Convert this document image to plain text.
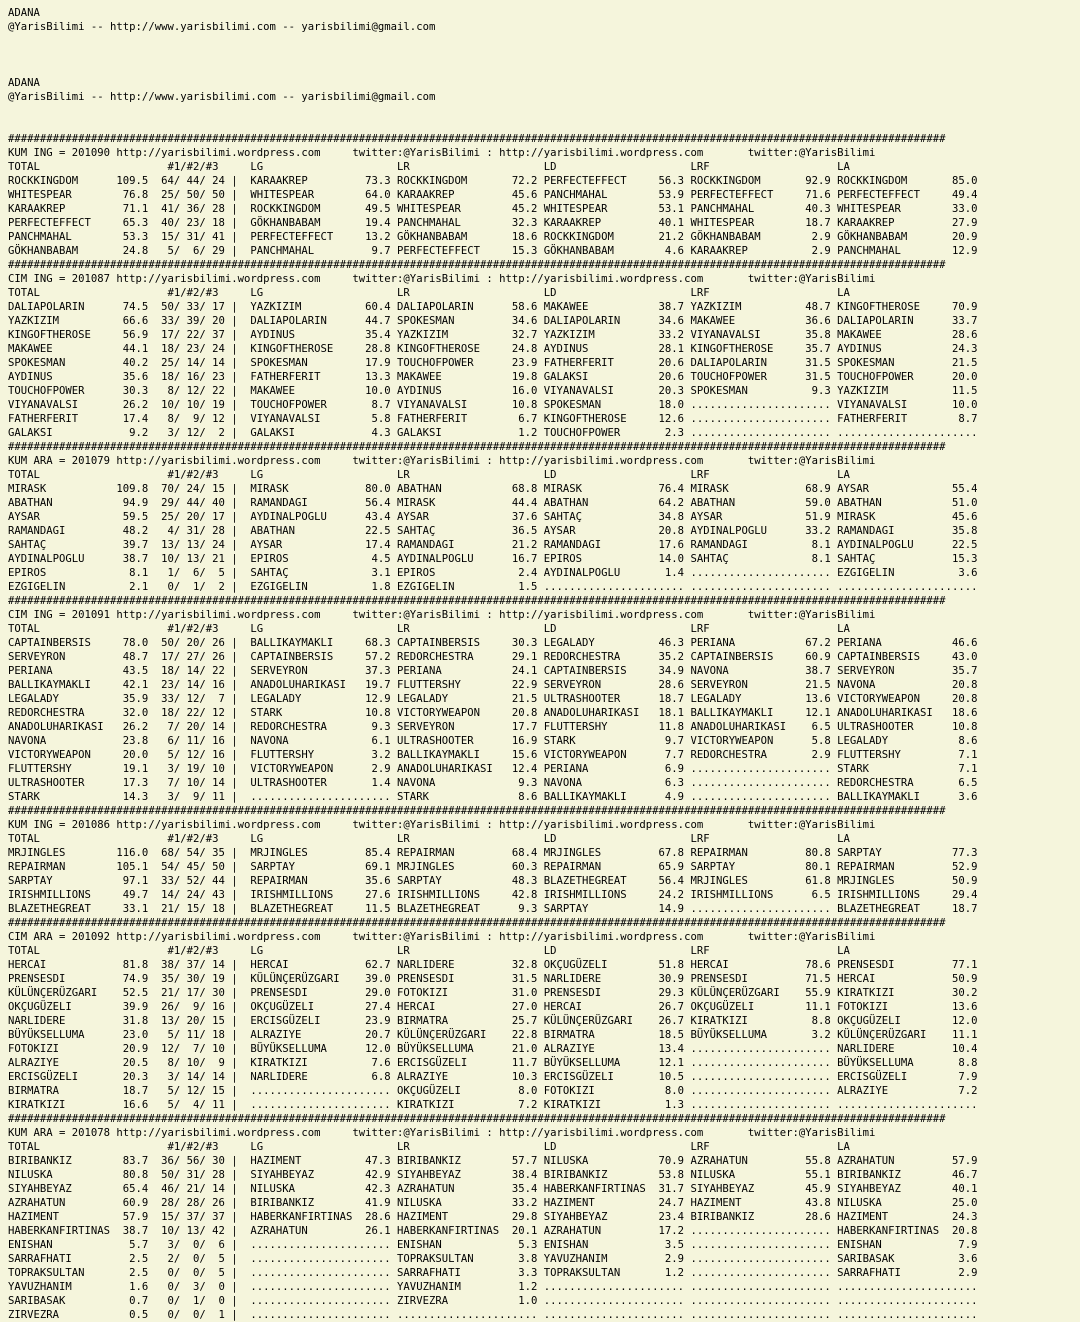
ADANA
@YarisBilimi -- http://www.yarisbilimi.com -- yarisbilimi@gmail.com
ADANA
@YarisBilimi -- http://www.yarisbilimi.com -- yarisbilimi@gmail.com
###################################################################################################################################################
KUM ING = 201090 http://yarisbilimi.wordpress.com     twitter:@YarisBilimi : http://yarisbilimi.wordpress.com       twitter:@YarisBilimi
TOTAL                    #1/#2/#3     LG                     LR                     LD                     LRF                    LA
ROCKKINGDOM      109.5  64/ 44/ 24 |  KARAAKREP         73.3 ROCKKINGDOM       72.2 PERFECTEFFECT     56.3 ROCKKINGDOM       92.9 ROCKKINGDOM       85.0
WHITESPEAR        76.8  25/ 50/ 50 |  WHITESPEAR        64.0 KARAAKREP         45.6 PANCHMAHAL        53.9 PERFECTEFFECT     71.6 PERFECTEFFECT     49.4
KARAAKREP         71.1  41/ 36/ 28 |  ROCKKINGDOM       49.5 WHITESPEAR        45.2 WHITESPEAR        53.1 PANCHMAHAL        40.3 WHITESPEAR        33.0
PERFECTEFFECT     65.3  40/ 23/ 18 |  GÖKHANBABAM       19.4 PANCHMAHAL        32.3 KARAAKREP         40.1 WHITESPEAR        18.7 KARAAKREP         27.9
PANCHMAHAL        53.3  15/ 31/ 41 |  PERFECTEFFECT     13.2 GÖKHANBABAM       18.6 ROCKKINGDOM       21.2 GÖKHANBABAM        2.9 GÖKHANBABAM       20.9
GÖKHANBABAM       24.8   5/  6/ 29 |  PANCHMAHAL         9.7 PERFECTEFFECT     15.3 GÖKHANBABAM        4.6 KARAAKREP          2.9 PANCHMAHAL        12.9
###################################################################################################################################################
CIM ING = 201087 http://yarisbilimi.wordpress.com     twitter:@YarisBilimi : http://yarisbilimi.wordpress.com       twitter:@YarisBilimi
TOTAL                    #1/#2/#3     LG                     LR                     LD                     LRF                    LA
DALIAPOLARIN      74.5  50/ 33/ 17 |  YAZKIZIM          60.4 DALIAPOLARIN      58.6 MAKAWEE           38.7 YAZKIZIM          48.7 KINGOFTHEROSE     70.9
YAZKIZIM          66.6  33/ 39/ 20 |  DALIAPOLARIN      44.7 SPOKESMAN         34.6 DALIAPOLARIN      34.6 MAKAWEE           36.6 DALIAPOLARIN      33.7
KINGOFTHEROSE     56.9  17/ 22/ 37 |  AYDINUS           35.4 YAZKIZIM          32.7 YAZKIZIM          33.2 VIYANAVALSI       35.8 MAKAWEE           28.6
MAKAWEE           44.1  18/ 23/ 24 |  KINGOFTHEROSE     28.8 KINGOFTHEROSE     24.8 AYDINUS           28.1 KINGOFTHEROSE     35.7 AYDINUS           24.3
SPOKESMAN         40.2  25/ 14/ 14 |  SPOKESMAN         17.9 TOUCHOFPOWER      23.9 FATHERFERIT       20.6 DALIAPOLARIN      31.5 SPOKESMAN         21.5
AYDINUS           35.6  18/ 16/ 23 |  FATHERFERIT       13.3 MAKAWEE           19.8 GALAKSI           20.6 TOUCHOFPOWER      31.5 TOUCHOFPOWER      20.0
TOUCHOFPOWER      30.3   8/ 12/ 22 |  MAKAWEE           10.0 AYDINUS           16.0 VIYANAVALSI       20.3 SPOKESMAN          9.3 YAZKIZIM          11.5
VIYANAVALSI       26.2  10/ 10/ 19 |  TOUCHOFPOWER       8.7 VIYANAVALSI       10.8 SPOKESMAN         18.0 ...................... VIYANAVALSI       10.0
FATHERFERIT       17.4   8/  9/ 12 |  VIYANAVALSI        5.8 FATHERFERIT        6.7 KINGOFTHEROSE     12.6 ...................... FATHERFERIT        8.7
GALAKSI            9.2   3/ 12/  2 |  GALAKSI            4.3 GALAKSI            1.2 TOUCHOFPOWER       2.3 ...................... ......................
###################################################################################################################################################
KUM ARA = 201079 http://yarisbilimi.wordpress.com     twitter:@YarisBilimi : http://yarisbilimi.wordpress.com       twitter:@YarisBilimi
TOTAL                    #1/#2/#3     LG                     LR                     LD                     LRF                    LA
MIRASK           109.8  70/ 24/ 15 |  MIRASK            80.0 ABATHAN           68.8 MIRASK            76.4 MIRASK            68.9 AYSAR             55.4
ABATHAN           94.9  29/ 44/ 40 |  RAMANDAGI         56.4 MIRASK            44.4 ABATHAN           64.2 ABATHAN           59.0 ABATHAN           51.0
AYSAR             59.5  25/ 20/ 17 |  AYDINALPOGLU      43.4 AYSAR             37.6 SAHTAÇ            34.8 AYSAR             51.9 MIRASK            45.6
RAMANDAGI         48.2   4/ 31/ 28 |  ABATHAN           22.5 SAHTAÇ            36.5 AYSAR             20.8 AYDINALPOGLU      33.2 RAMANDAGI         35.8
SAHTAÇ            39.7  13/ 13/ 24 |  AYSAR             17.4 RAMANDAGI         21.2 RAMANDAGI         17.6 RAMANDAGI          8.1 AYDINALPOGLU      22.5
AYDINALPOGLU      38.7  10/ 13/ 21 |  EPIROS             4.5 AYDINALPOGLU      16.7 EPIROS            14.0 SAHTAÇ             8.1 SAHTAÇ            15.3
EPIROS             8.1   1/  6/  5 |  SAHTAÇ             3.1 EPIROS             2.4 AYDINALPOGLU       1.4 ...................... EZGIGELIN          3.6
EZGIGELIN          2.1   0/  1/  2 |  EZGIGELIN          1.8 EZGIGELIN          1.5 ...................... ...................... ......................
###################################################################################################################################################
CIM ING = 201091 http://yarisbilimi.wordpress.com     twitter:@YarisBilimi : http://yarisbilimi.wordpress.com       twitter:@YarisBilimi
TOTAL                    #1/#2/#3     LG                     LR                     LD                     LRF                    LA
CAPTAINBERSIS     78.0  50/ 20/ 26 |  BALLIKAYMAKLI     68.3 CAPTAINBERSIS     30.3 LEGALADY          46.3 PERIANA           67.2 PERIANA           46.6
SERVEYRON         48.7  17/ 27/ 26 |  CAPTAINBERSIS     57.2 REDORCHESTRA      29.1 REDORCHESTRA      35.2 CAPTAINBERSIS     60.9 CAPTAINBERSIS     43.0
PERIANA           43.5  18/ 14/ 22 |  SERVEYRON         37.3 PERIANA           24.1 CAPTAINBERSIS     34.9 NAVONA            38.7 SERVEYRON         35.7
BALLIKAYMAKLI     42.1  23/ 14/ 16 |  ANADOLUHARIKASI   19.7 FLUTTERSHY        22.9 SERVEYRON         28.6 SERVEYRON         21.5 NAVONA            20.8
LEGALADY          35.9  33/ 12/  7 |  LEGALADY          12.9 LEGALADY          21.5 ULTRASHOOTER      18.7 LEGALADY          13.6 VICTORYWEAPON     20.8
REDORCHESTRA      32.0  18/ 22/ 12 |  STARK             10.8 VICTORYWEAPON     20.8 ANADOLUHARIKASI   18.1 BALLIKAYMAKLI     12.1 ANADOLUHARIKASI   18.6
ANADOLUHARIKASI   26.2   7/ 20/ 14 |  REDORCHESTRA       9.3 SERVEYRON         17.7 FLUTTERSHY        11.8 ANADOLUHARIKASI    6.5 ULTRASHOOTER      10.8
NAVONA            23.8   6/ 11/ 16 |  NAVONA             6.1 ULTRASHOOTER      16.9 STARK              9.7 VICTORYWEAPON      5.8 LEGALADY           8.6
VICTORYWEAPON     20.0   5/ 12/ 16 |  FLUTTERSHY         3.2 BALLIKAYMAKLI     15.6 VICTORYWEAPON      7.7 REDORCHESTRA       2.9 FLUTTERSHY         7.1
FLUTTERSHY        19.1   3/ 19/ 10 |  VICTORYWEAPON      2.9 ANADOLUHARIKASI   12.4 PERIANA            6.9 ...................... STARK              7.1
ULTRASHOOTER      17.3   7/ 10/ 14 |  ULTRASHOOTER       1.4 NAVONA             9.3 NAVONA             6.3 ...................... REDORCHESTRA       6.5
STARK             14.3   3/  9/ 11 |  ...................... STARK              8.6 BALLIKAYMAKLI      4.9 ...................... BALLIKAYMAKLI      3.6
###################################################################################################################################################
KUM ING = 201086 http://yarisbilimi.wordpress.com     twitter:@YarisBilimi : http://yarisbilimi.wordpress.com       twitter:@YarisBilimi
TOTAL                    #1/#2/#3     LG                     LR                     LD                     LRF                    LA
MRJINGLES        116.0  68/ 54/ 35 |  MRJINGLES         85.4 REPAIRMAN         68.4 MRJINGLES         67.8 REPAIRMAN         80.8 SARPTAY           77.3
REPAIRMAN        105.1  54/ 45/ 50 |  SARPTAY           69.1 MRJINGLES         60.3 REPAIRMAN         65.9 SARPTAY           80.1 REPAIRMAN         52.9
SARPTAY           97.1  33/ 52/ 44 |  REPAIRMAN         35.6 SARPTAY           48.3 BLAZETHEGREAT     56.4 MRJINGLES         61.8 MRJINGLES         50.9
IRISHMILLIONS     49.7  14/ 24/ 43 |  IRISHMILLIONS     27.6 IRISHMILLIONS     42.8 IRISHMILLIONS     24.2 IRISHMILLIONS      6.5 IRISHMILLIONS     29.4
BLAZETHEGREAT     33.1  21/ 15/ 18 |  BLAZETHEGREAT     11.5 BLAZETHEGREAT      9.3 SARPTAY           14.9 ...................... BLAZETHEGREAT     18.7
###################################################################################################################################################
CIM ARA = 201092 http://yarisbilimi.wordpress.com     twitter:@YarisBilimi : http://yarisbilimi.wordpress.com       twitter:@YarisBilimi
TOTAL                    #1/#2/#3     LG                     LR                     LD                     LRF                    LA
HERCAI            81.8  38/ 37/ 14 |  HERCAI            62.7 NARLIDERE         32.8 OKÇUGÜZELI        51.8 HERCAI            78.6 PRENSESDI         77.1
PRENSESDI         74.9  35/ 30/ 19 |  KÜLÜNÇERÜZGARI    39.0 PRENSESDI         31.5 NARLIDERE         30.9 PRENSESDI         71.5 HERCAI            50.9
KÜLÜNÇERÜZGARI    52.5  21/ 17/ 30 |  PRENSESDI         29.0 FOTOKIZI          31.0 PRENSESDI         29.3 KÜLÜNÇERÜZGARI    55.9 KIRATKIZI         30.2
OKÇUGÜZELI        39.9  26/  9/ 16 |  OKÇUGÜZELI        27.4 HERCAI            27.0 HERCAI            26.7 OKÇUGÜZELI        11.1 FOTOKIZI          13.6
NARLIDERE         31.8  13/ 20/ 15 |  ERCISGÜZELI       23.9 BIRMATRA          25.7 KÜLÜNÇERÜZGARI    26.7 KIRATKIZI          8.8 OKÇUGÜZELI        12.0
BÜYÜKSELLUMA      23.0   5/ 11/ 18 |  ALRAZIYE          20.7 KÜLÜNÇERÜZGARI    22.8 BIRMATRA          18.5 BÜYÜKSELLUMA       3.2 KÜLÜNÇERÜZGARI    11.1
FOTOKIZI          20.9  12/  7/ 10 |  BÜYÜKSELLUMA      12.0 BÜYÜKSELLUMA      21.0 ALRAZIYE          13.4 ...................... NARLIDERE         10.4
ALRAZIYE          20.5   8/ 10/  9 |  KIRATKIZI          7.6 ERCISGÜZELI       11.7 BÜYÜKSELLUMA      12.1 ...................... BÜYÜKSELLUMA       8.8
ERCISGÜZELI       20.3   3/ 14/ 14 |  NARLIDERE          6.8 ALRAZIYE          10.3 ERCISGÜZELI       10.5 ...................... ERCISGÜZELI        7.9
BIRMATRA          18.7   5/ 12/ 15 |  ...................... OKÇUGÜZELI         8.0 FOTOKIZI           8.0 ...................... ALRAZIYE           7.2
KIRATKIZI         16.6   5/  4/ 11 |  ...................... KIRATKIZI          7.2 KIRATKIZI          1.3 ...................... ......................
###################################################################################################################################################
KUM ARA = 201078 http://yarisbilimi.wordpress.com     twitter:@YarisBilimi : http://yarisbilimi.wordpress.com       twitter:@YarisBilimi
TOTAL                    #1/#2/#3     LG                     LR                     LD                     LRF                    LA
BIRIBANKIZ        83.7  36/ 56/ 30 |  HAZIMENT          47.3 BIRIBANKIZ        57.7 NILUSKA           70.9 AZRAHATUN         55.8 AZRAHATUN         57.9
NILUSKA           80.8  50/ 31/ 28 |  SIYAHBEYAZ        42.9 SIYAHBEYAZ        38.4 BIRIBANKIZ        53.8 NILUSKA           55.1 BIRIBANKIZ        46.7
SIYAHBEYAZ        65.4  46/ 21/ 14 |  NILUSKA           42.3 AZRAHATUN         35.4 HABERKANFIRTINAS  31.7 SIYAHBEYAZ        45.9 SIYAHBEYAZ        40.1
AZRAHATUN         60.9  28/ 28/ 26 |  BIRIBANKIZ        41.9 NILUSKA           33.2 HAZIMENT          24.7 HAZIMENT          43.8 NILUSKA           25.0
HAZIMENT          57.9  15/ 37/ 37 |  HABERKANFIRTINAS  28.6 HAZIMENT          29.8 SIYAHBEYAZ        23.4 BIRIBANKIZ        28.6 HAZIMENT          24.3
HABERKANFIRTINAS  38.7  10/ 13/ 42 |  AZRAHATUN         26.1 HABERKANFIRTINAS  20.1 AZRAHATUN         17.2 ...................... HABERKANFIRTINAS  20.8
ENISHAN            5.7   3/  0/  6 |  ...................... ENISHAN            5.3 ENISHAN            3.5 ...................... ENISHAN            7.9
SARRAFHATI         2.5   2/  0/  5 |  ...................... TOPRAKSULTAN       3.8 YAVUZHANIM         2.9 ...................... SARIBASAK          3.6
TOPRAKSULTAN       2.5   0/  0/  5 |  ...................... SARRAFHATI         3.3 TOPRAKSULTAN       1.2 ...................... SARRAFHATI         2.9
YAVUZHANIM         1.6   0/  3/  0 |  ...................... YAVUZHANIM         1.2 ...................... ...................... ......................
SARIBASAK          0.7   0/  1/  0 |  ...................... ZIRVEZRA           1.0 ...................... ...................... ......................
ZIRVEZRA           0.5   0/  0/  1 |  ...................... ...................... ...................... ...................... ......................
